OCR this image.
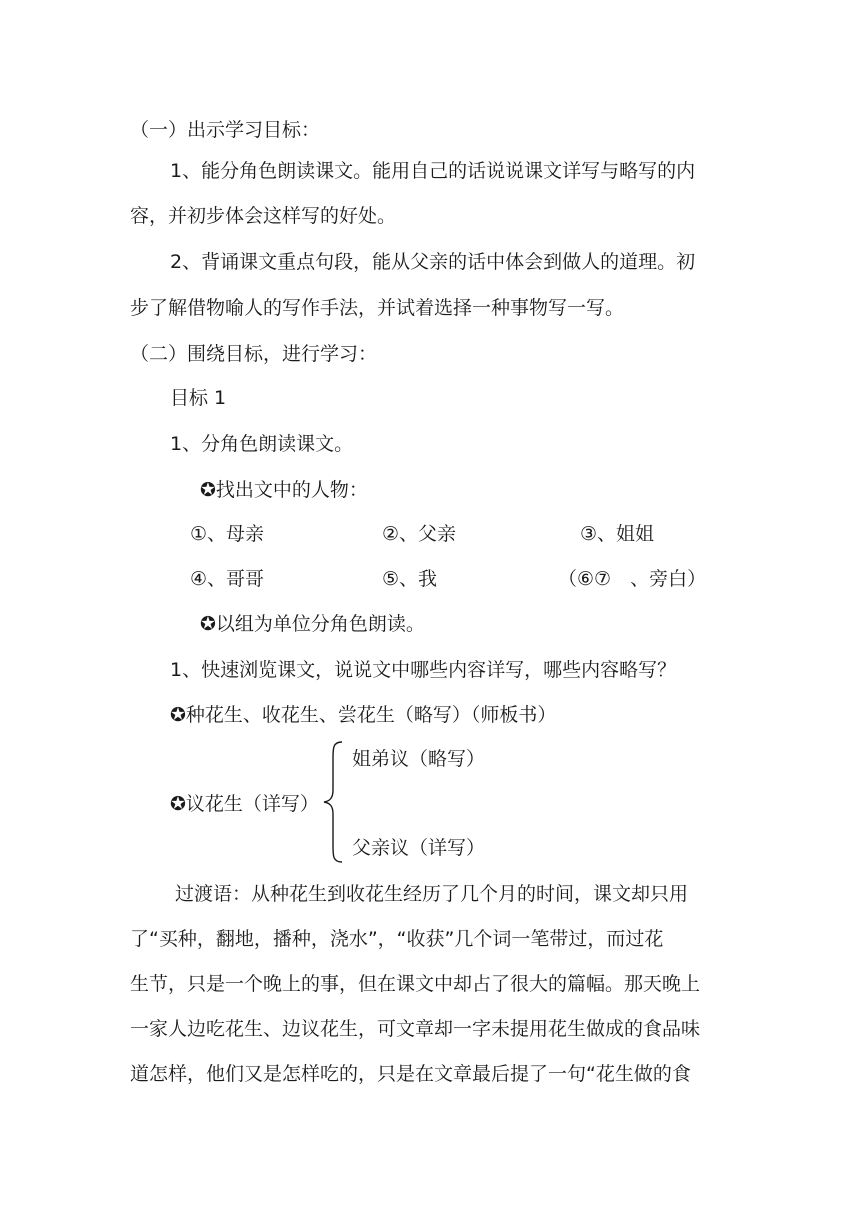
（一）出示学习目标：
1、能分角色朗读课文。能用自己的话说说课文详写与略写的内
容，并初步体会这样写的好处。
2、背诵课文重点句段，能从父亲的话中体会到做人的道理。初
步了解借物喻人的写作手法，并试着选择一种事物写一写。
（二）围绕目标，进行学习：
目标 1
1、分角色朗读课文。
✪找出文中的人物：
①、母亲	②、父亲	③、姐姐
④、哥哥	⑤、我	（⑥⑦　、旁白）
✪以组为单位分角色朗读。
1、快速浏览课文，说说文中哪些内容详写，哪些内容略写？
✪种花生、收花生、尝花生（略写）（师板书）
✪议花生（详写）
姐弟议（略写）
父亲议（详写）
过渡语：从种花生到收花生经历了几个月的时间，课文却只用
了“买种，翻地，播种，浇水”，“收获”几个词一笔带过，而过花
生节，只是一个晚上的事，但在课文中却占了很大的篇幅。那天晚上
一家人边吃花生、边议花生，可文章却一字未提用花生做成的食品味
道怎样，他们又是怎样吃的，只是在文章最后提了一句“花生做的食
